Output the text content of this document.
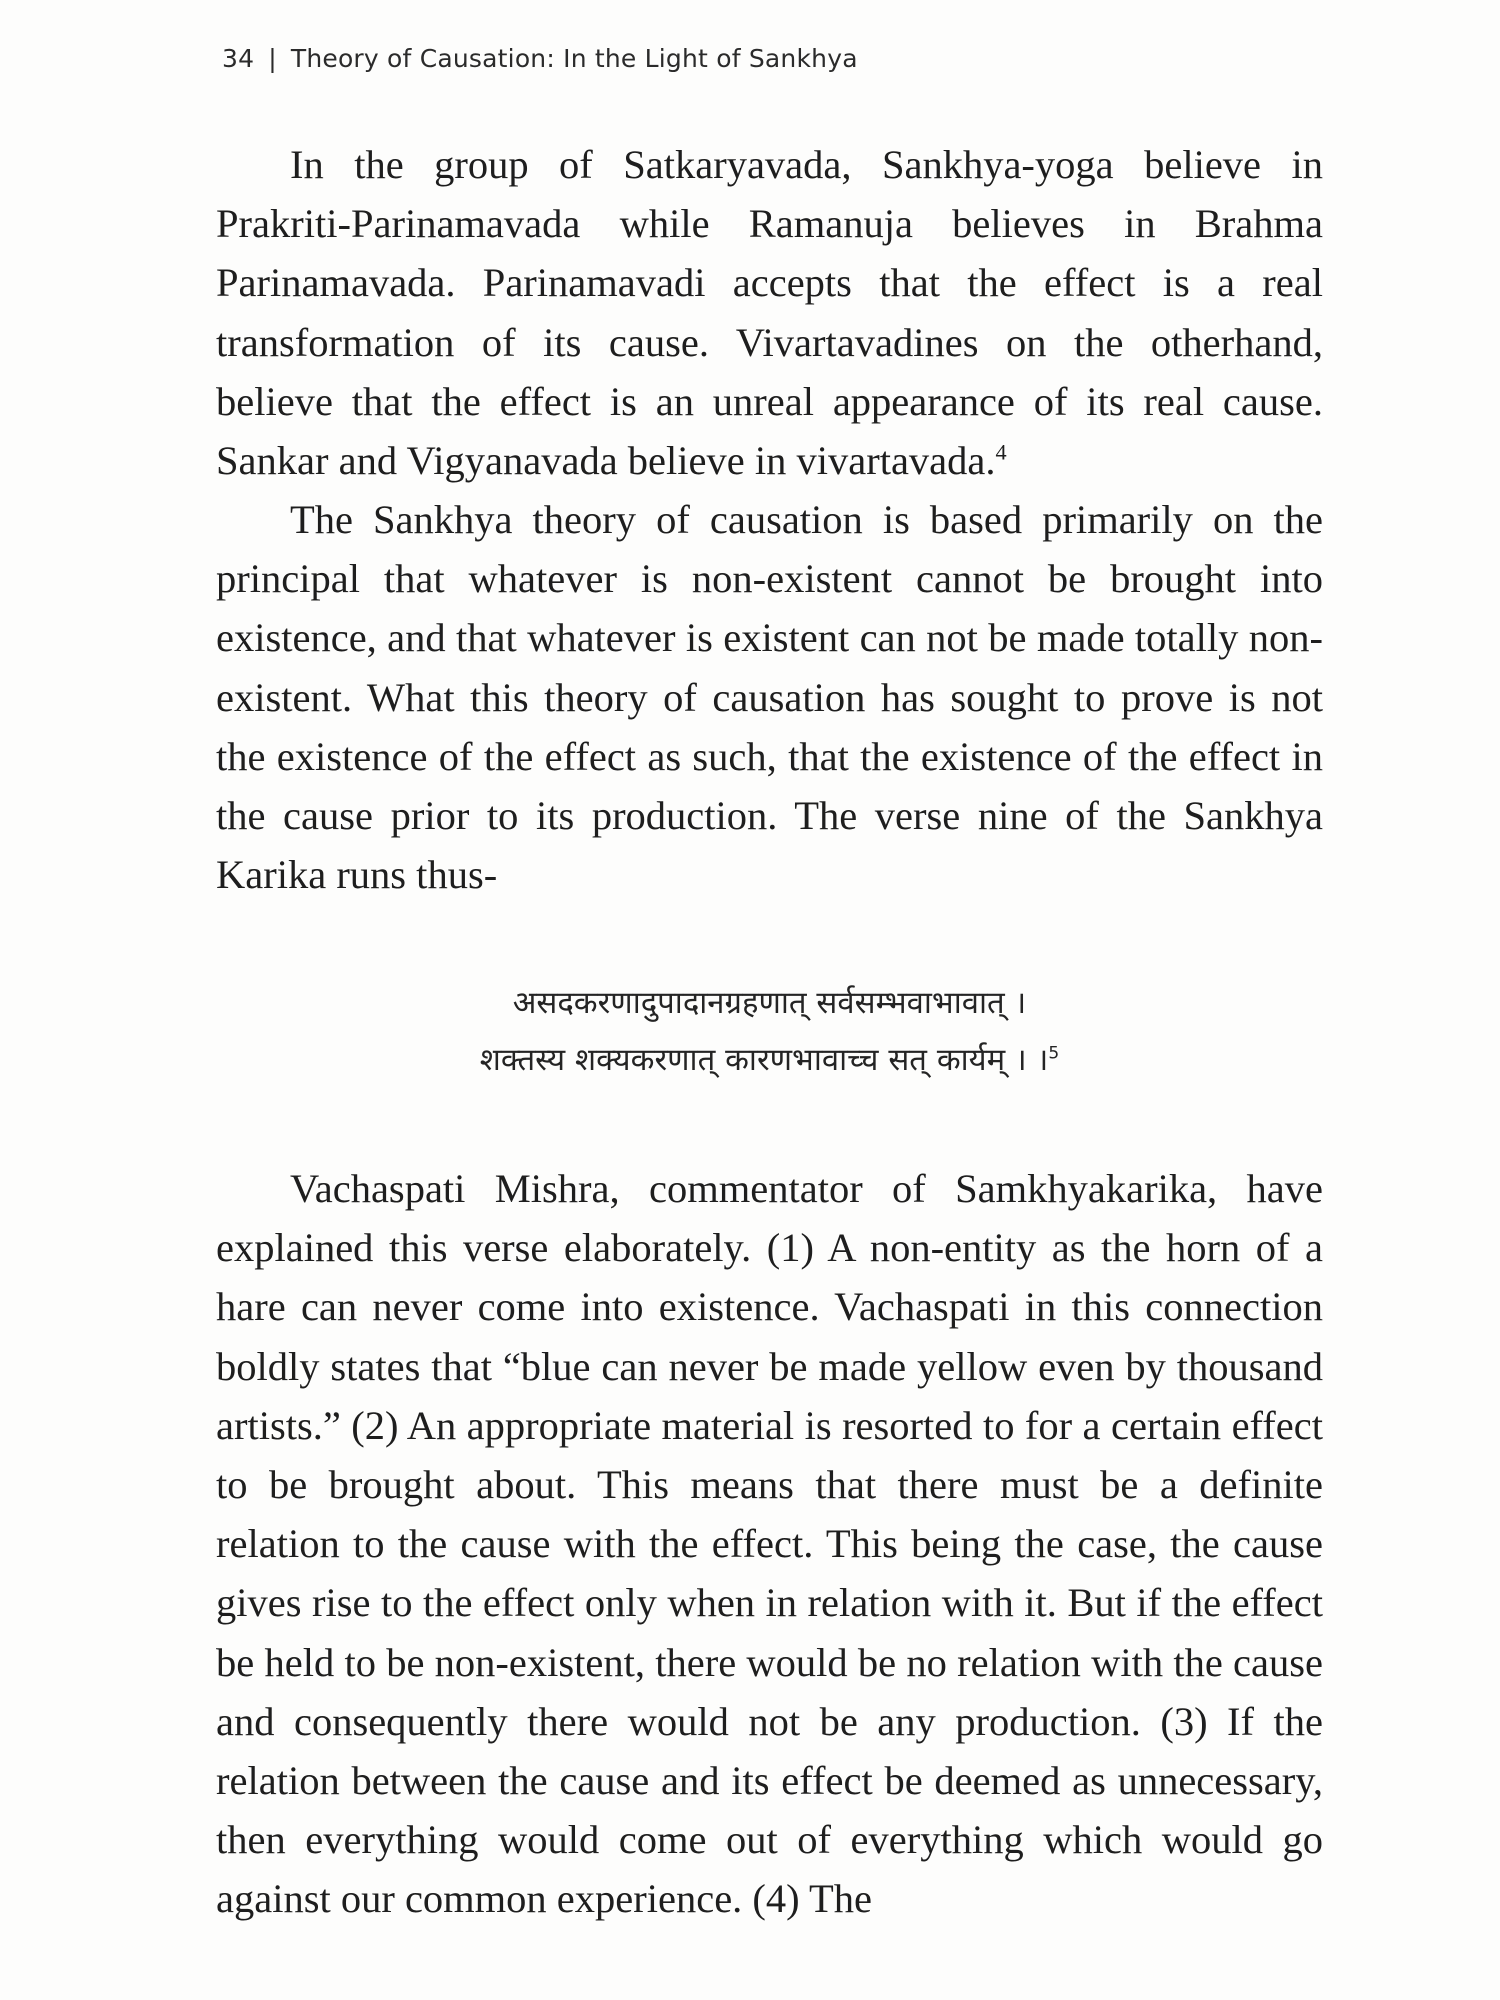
34 | Theory of Causation: In the Light of Sankhya

In the group of Satkaryavada, Sankhya-yoga believe in Prakriti-Parinamavada while Ramanuja believes in Brahma Parinamavada. Parinamavadi accepts that the effect is a real transformation of its cause. Vivartavadines on the otherhand, believe that the effect is an unreal appearance of its real cause. Sankar and Vigyanavada believe in vivartavada.$^4$

The Sankhya theory of causation is based primarily on the principal that whatever is non-existent cannot be brought into existence, and that whatever is existent can not be made totally non-existent. What this theory of causation has sought to prove is not the existence of the effect as such, that the existence of the effect in the cause prior to its production. The verse nine of the Sankhya Karika runs thus-

असदकरणादुपादानग्रहणात् सर्वसम्भवाभावात् ।
शक्तस्य शक्यकरणात् कारणभावाच्च सत् कार्यम् । ।$^5$

Vachaspati Mishra, commentator of Samkhyakarika, have explained this verse elaborately. (1) A non-entity as the horn of a hare can never come into existence. Vachaspati in this connection boldly states that “blue can never be made yellow even by thousand artists.” (2) An appropriate material is resorted to for a certain effect to be brought about. This means that there must be a definite relation to the cause with the effect. This being the case, the cause gives rise to the effect only when in relation with it. But if the effect be held to be non-existent, there would be no relation with the cause and consequently there would not be any production. (3) If the relation between the cause and its effect be deemed as unnecessary, then everything would come out of everything which would go against our common experience. (4) The
